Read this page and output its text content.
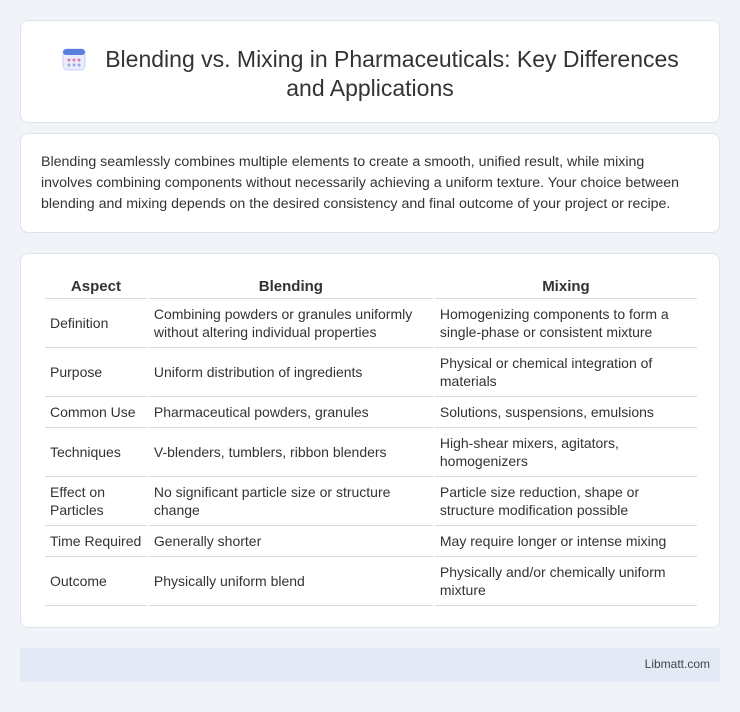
Blending vs. Mixing in Pharmaceuticals: Key Differences and Applications

Blending seamlessly combines multiple elements to create a smooth, unified result, while mixing involves combining components without necessarily achieving a uniform texture. Your choice between blending and mixing depends on the desired consistency and final outcome of your project or recipe.

Aspect	Blending	Mixing
Definition	Combining powders or granules uniformly without altering individual properties	Homogenizing components to form a single-phase or consistent mixture
Purpose	Uniform distribution of ingredients	Physical or chemical integration of materials
Common Use	Pharmaceutical powders, granules	Solutions, suspensions, emulsions
Techniques	V-blenders, tumblers, ribbon blenders	High-shear mixers, agitators, homogenizers
Effect on Particles	No significant particle size or structure change	Particle size reduction, shape or structure modification possible
Time Required	Generally shorter	May require longer or intense mixing
Outcome	Physically uniform blend	Physically and/or chemically uniform mixture
Libmatt.com
